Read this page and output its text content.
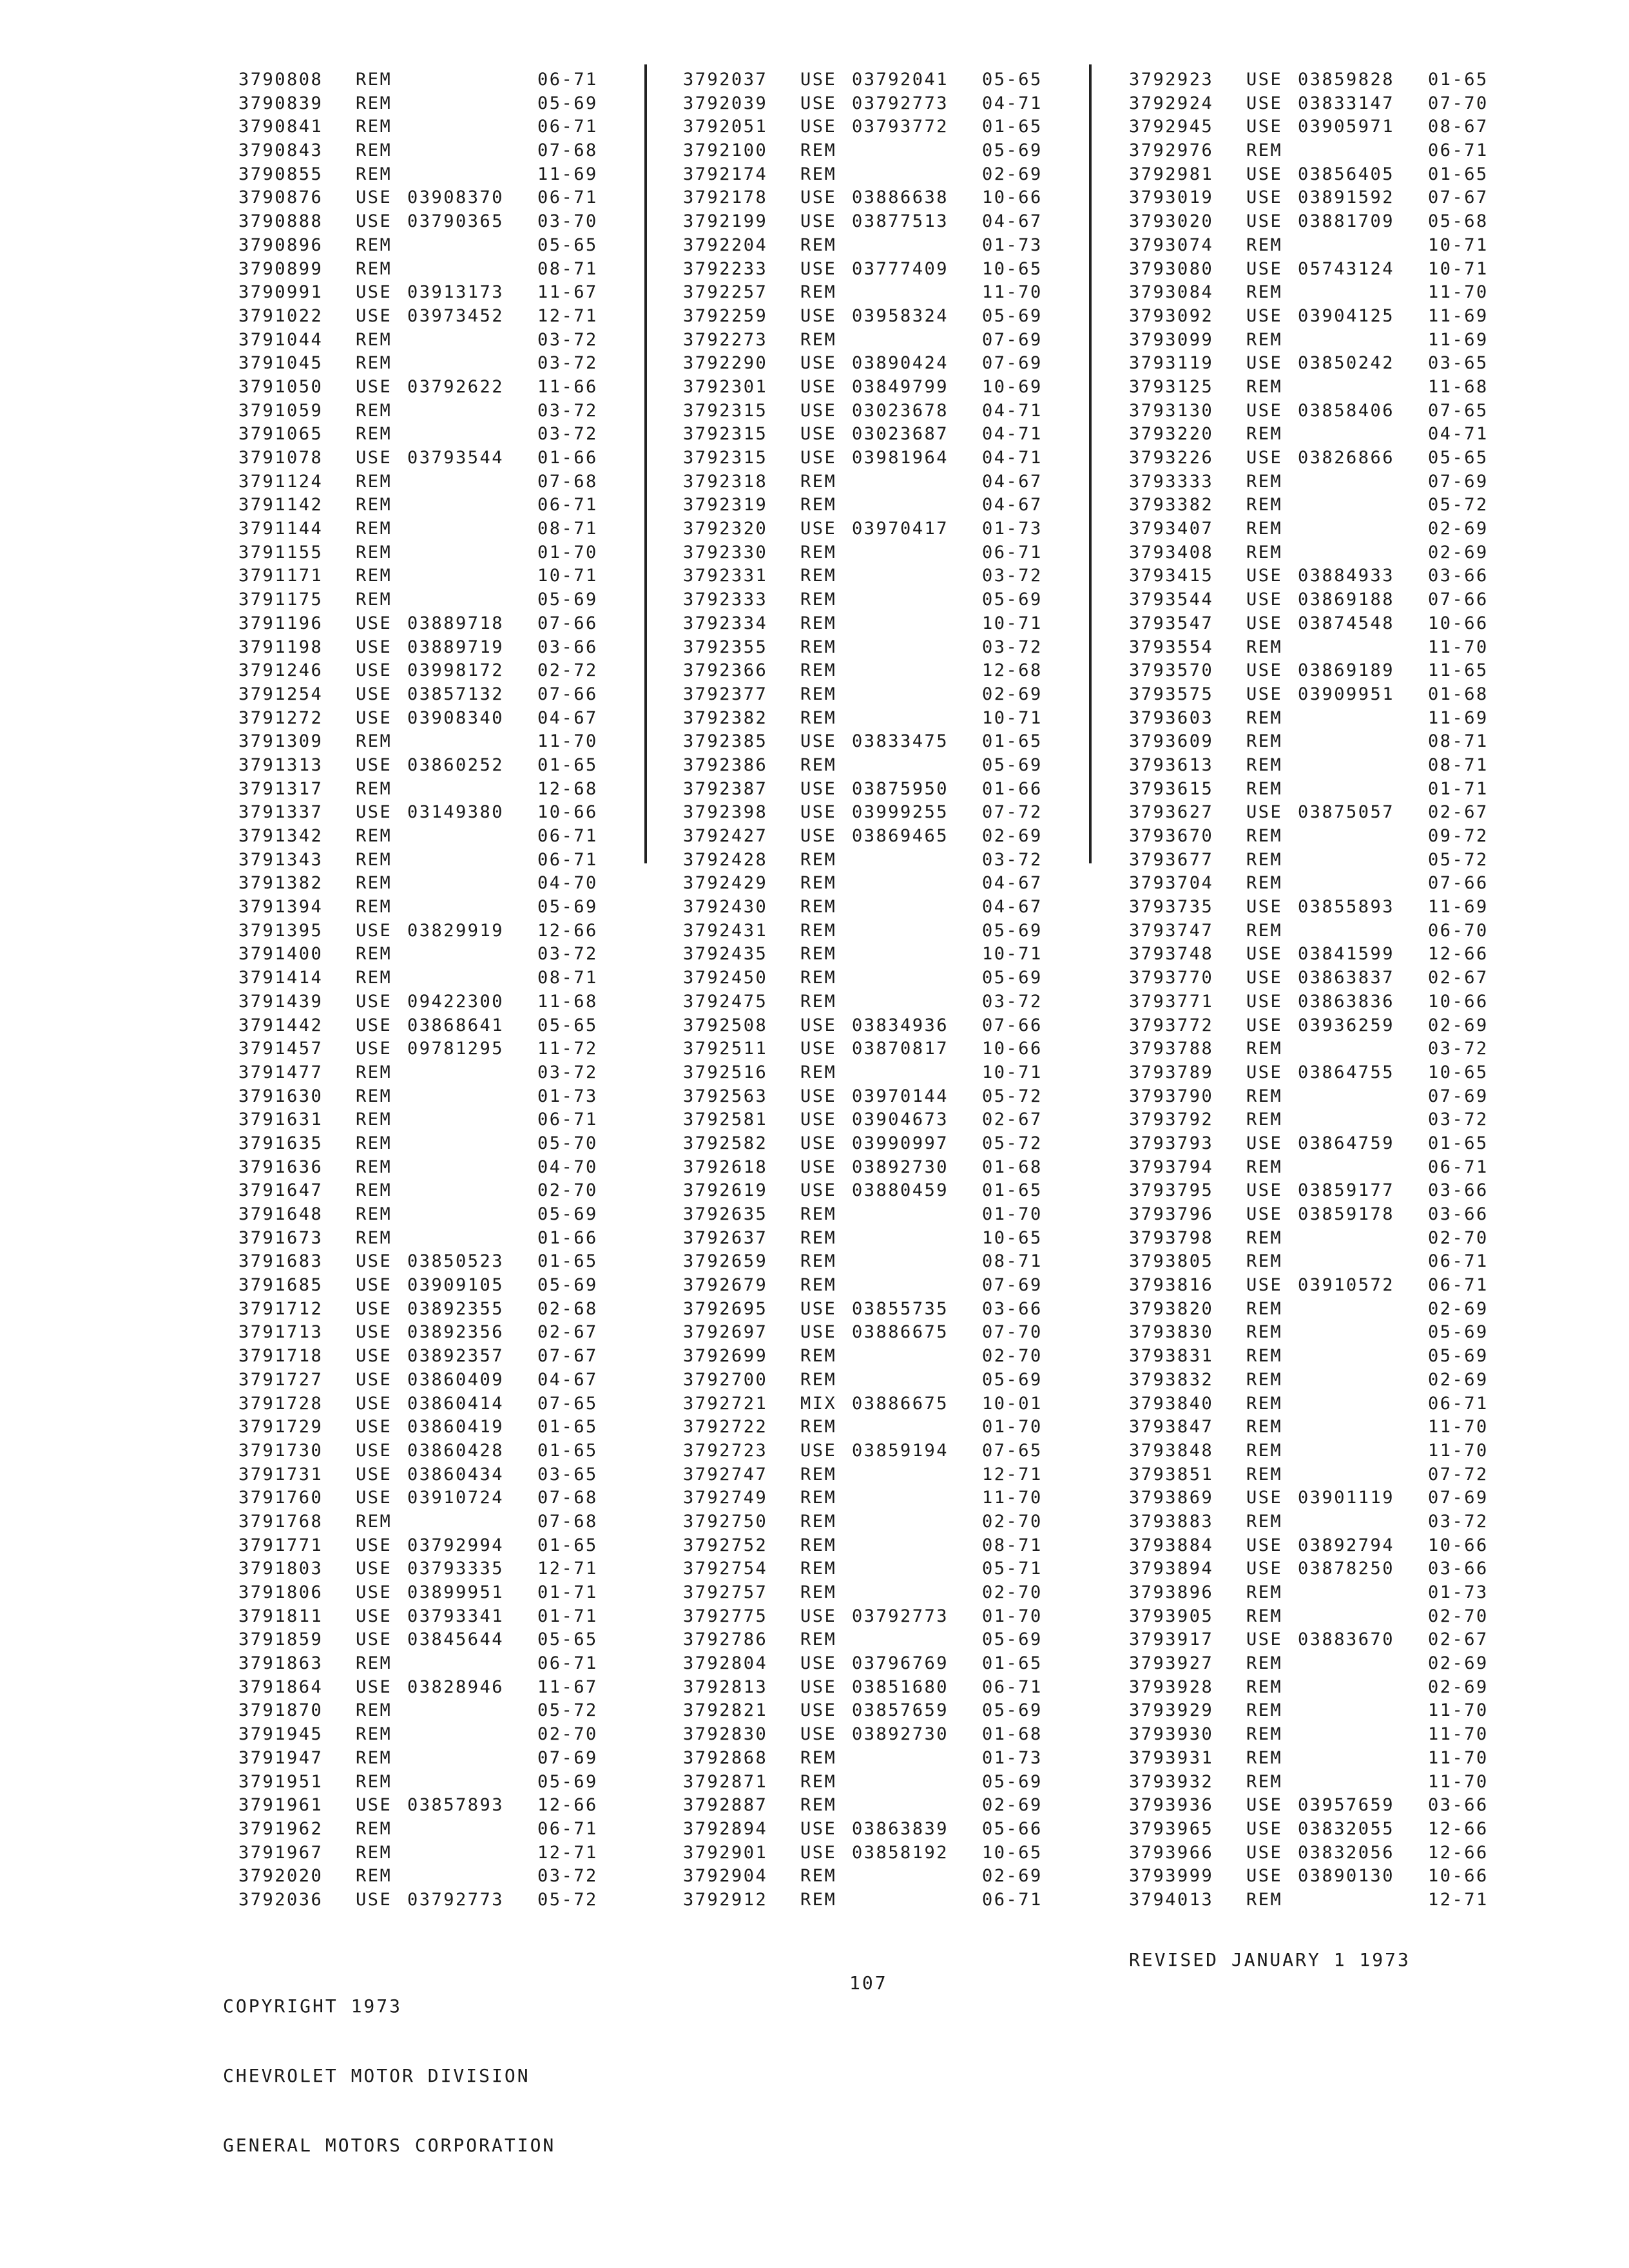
3790808 REM	06-71
3790839 REM	05-69
3790841 REM	06-71
3790843 REM	07-68
3790855 REM	11-69
3790876 USE 03908370 06-71
3790888 USE 03790365 03-70
3790896 REM	05-65
3790899 REM	08-71
3790991 USE 03913173 11-67
3791022 USE 03973452 12-71
3791044 REM	03-72
3791045 REM	03-72
3791050 USE 03792622 11-66
3791059 REM	03-72
3791065 REM	03-72
3791078 USE 03793544 01-66
3791124 REM	07-68
3791142 REM	06-71
3791144 REM	08-71
3791155 REM	01-70
3791171 REM	10-71
3791175 REM	05-69
3791196 USE 03889718 07-66
3791198 USE 03889719 03-66
3791246 USE 03998172 02-72
3791254 USE 03857132 07-66
3791272 USE 03908340 04-67
3791309 REM	11-70
3791313 USE 03860252 01-65
3791317 REM	12-68
3791337 USE 03149380 10-66
3791342 REM	06-71
3791343 REM	06-71
3791382 REM	04-70
3791394 REM	05-69
3791395 USE 03829919 12-66
3791400 REM	03-72
3791414 REM	08-71
3791439 USE 09422300 11-68
3791442 USE 03868641 05-65
3791457 USE 09781295 11-72
3791477 REM	03-72
3791630 REM	01-73
3791631 REM	06-71
3791635 REM	05-70
3791636 REM	04-70
3791647 REM	02-70
3791648 REM	05-69
3791673 REM	01-66
3791683 USE 03850523 01-65
3791685 USE 03909105 05-69
3791712 USE 03892355 02-68
3791713 USE 03892356 02-67
3791718 USE 03892357 07-67
3791727 USE 03860409 04-67
3791728 USE 03860414 07-65
3791729 USE 03860419 01-65
3791730 USE 03860428 01-65
3791731 USE 03860434 03-65
3791760 USE 03910724 07-68
3791768 REM	07-68
3791771 USE 03792994 01-65
3791803 USE 03793335 12-71
3791806 USE 03899951 01-71
3791811 USE 03793341 01-71
3791859 USE 03845644 05-65
3791863 REM	06-71
3791864 USE 03828946 11-67
3791870 REM	05-72
3791945 REM	02-70
3791947 REM	07-69
3791951 REM	05-69
3791961 USE 03857893 12-66
3791962 REM	06-71
3791967 REM	12-71
3792020 REM	03-72
3792036 USE 03792773 05-72
3792037 USE 03792041 05-65
3792039 USE 03792773 04-71
3792051 USE 03793772 01-65
3792100 REM	05-69
3792174 REM	02-69
3792178 USE 03886638 10-66
3792199 USE 03877513 04-67
3792204 REM	01-73
3792233 USE 03777409 10-65
3792257 REM	11-70
3792259 USE 03958324 05-69
3792273 REM	07-69
3792290 USE 03890424 07-69
3792301 USE 03849799 10-69
3792315 USE 03023678 04-71
3792315 USE 03023687 04-71
3792315 USE 03981964 04-71
3792318 REM	04-67
3792319 REM	04-67
3792320 USE 03970417 01-73
3792330 REM	06-71
3792331 REM	03-72
3792333 REM	05-69
3792334 REM	10-71
3792355 REM	03-72
3792366 REM	12-68
3792377 REM	02-69
3792382 REM	10-71
3792385 USE 03833475 01-65
3792386 REM	05-69
3792387 USE 03875950 01-66
3792398 USE 03999255 07-72
3792427 USE 03869465 02-69
3792428 REM	03-72
3792429 REM	04-67
3792430 REM	04-67
3792431 REM	05-69
3792435 REM	10-71
3792450 REM	05-69
3792475 REM	03-72
3792508 USE 03834936 07-66
3792511 USE 03870817 10-66
3792516 REM	10-71
3792563 USE 03970144 05-72
3792581 USE 03904673 02-67
3792582 USE 03990997 05-72
3792618 USE 03892730 01-68
3792619 USE 03880459 01-65
3792635 REM	01-70
3792637 REM	10-65
3792659 REM	08-71
3792679 REM	07-69
3792695 USE 03855735 03-66
3792697 USE 03886675 07-70
3792699 REM	02-70
3792700 REM	05-69
3792721 MIX 03886675 10-01
3792722 REM	01-70
3792723 USE 03859194 07-65
3792747 REM	12-71
3792749 REM	11-70
3792750 REM	02-70
3792752 REM	08-71
3792754 REM	05-71
3792757 REM	02-70
3792775 USE 03792773 01-70
3792786 REM	05-69
3792804 USE 03796769 01-65
3792813 USE 03851680 06-71
3792821 USE 03857659 05-69
3792830 USE 03892730 01-68
3792868 REM	01-73
3792871 REM	05-69
3792887 REM	02-69
3792894 USE 03863839 05-66
3792901 USE 03858192 10-65
3792904 REM	02-69
3792912 REM	06-71
3792923 USE 03859828 01-65
3792924 USE 03833147 07-70
3792945 USE 03905971 08-67
3792976 REM	06-71
3792981 USE 03856405 01-65
3793019 USE 03891592 07-67
3793020 USE 03881709 05-68
3793074 REM	10-71
3793080 USE 05743124 10-71
3793084 REM	11-70
3793092 USE 03904125 11-69
3793099 REM	11-69
3793119 USE 03850242 03-65
3793125 REM	11-68
3793130 USE 03858406 07-65
3793220 REM	04-71
3793226 USE 03826866 05-65
3793333 REM	07-69
3793382 REM	05-72
3793407 REM	02-69
3793408 REM	02-69
3793415 USE 03884933 03-66
3793544 USE 03869188 07-66
3793547 USE 03874548 10-66
3793554 REM	11-70
3793570 USE 03869189 11-65
3793575 USE 03909951 01-68
3793603 REM	11-69
3793609 REM	08-71
3793613 REM	08-71
3793615 REM	01-71
3793627 USE 03875057 02-67
3793670 REM	09-72
3793677 REM	05-72
3793704 REM	07-66
3793735 USE 03855893 11-69
3793747 REM	06-70
3793748 USE 03841599 12-66
3793770 USE 03863837 02-67
3793771 USE 03863836 10-66
3793772 USE 03936259 02-69
3793788 REM	03-72
3793789 USE 03864755 10-65
3793790 REM	07-69
3793792 REM	03-72
3793793 USE 03864759 01-65
3793794 REM	06-71
3793795 USE 03859177 03-66
3793796 USE 03859178 03-66
3793798 REM	02-70
3793805 REM	06-71
3793816 USE 03910572 06-71
3793820 REM	02-69
3793830 REM	05-69
3793831 REM	05-69
3793832 REM	02-69
3793840 REM	06-71
3793847 REM	11-70
3793848 REM	11-70
3793851 REM	07-72
3793869 USE 03901119 07-69
3793883 REM	03-72
3793884 USE 03892794 10-66
3793894 USE 03878250 03-66
3793896 REM	01-73
3793905 REM	02-70
3793917 USE 03883670 02-67
3793927 REM	02-69
3793928 REM	02-69
3793929 REM	11-70
3793930 REM	11-70
3793931 REM	11-70
3793932 REM	11-70
3793936 USE 03957659 03-66
3793965 USE 03832055 12-66
3793966 USE 03832056 12-66
3793999 USE 03890130 10-66
3794013 REM	12-71

COPYRIGHT 1973

CHEVROLET MOTOR DIVISION

GENERAL MOTORS CORPORATION

107
REVISED JANUARY 1 1973
